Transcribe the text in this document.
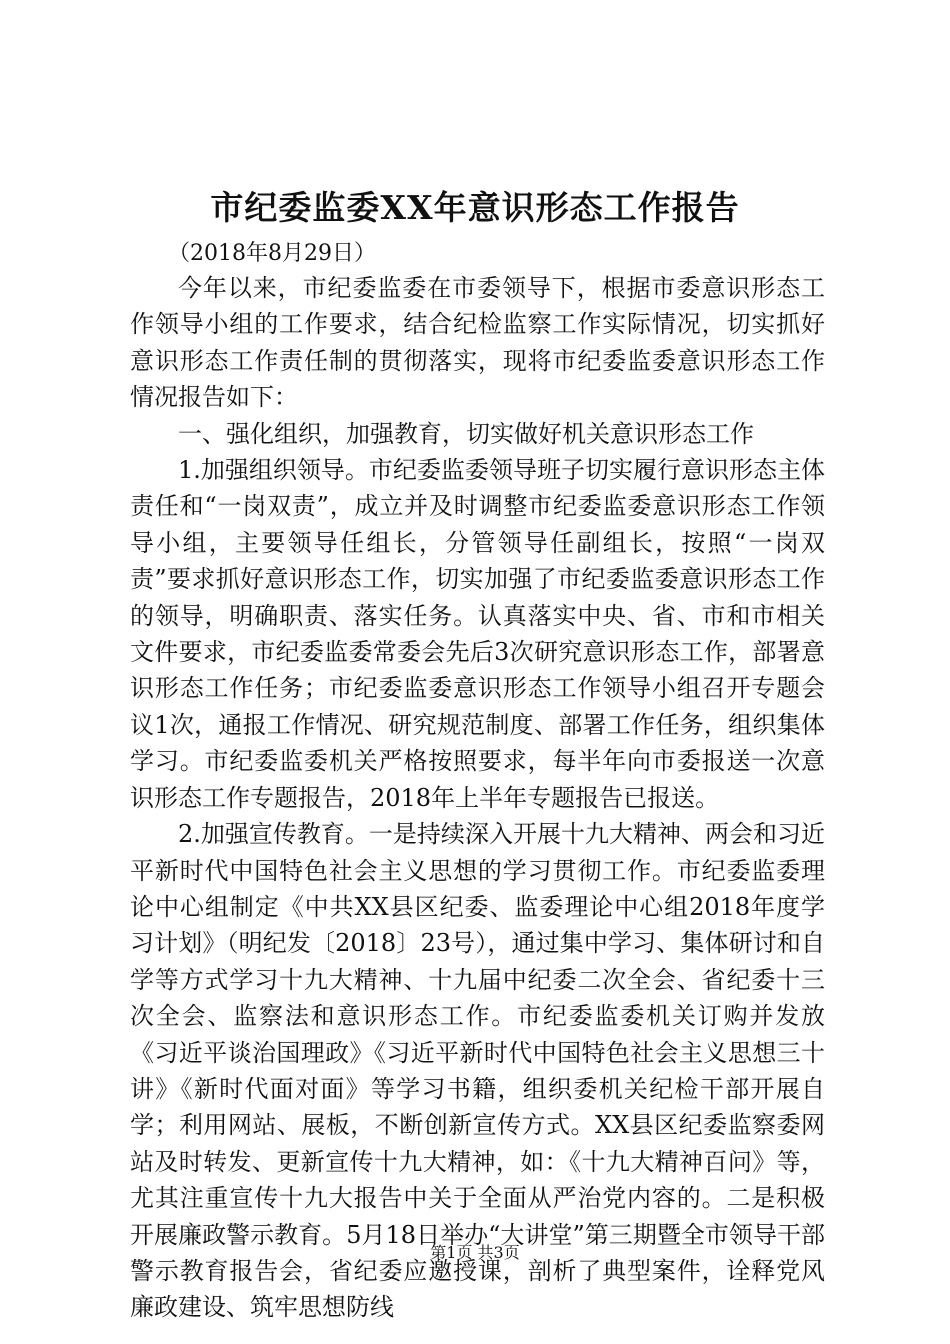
市纪委监委XX年意识形态工作报告

（2018年8月29日）

今年以来，市纪委监委在市委领导下，根据市委意识形态工作领导小组的工作要求，结合纪检监察工作实际情况，切实抓好意识形态工作责任制的贯彻落实，现将市纪委监委意识形态工作情况报告如下：

一、强化组织，加强教育，切实做好机关意识形态工作

1.加强组织领导。市纪委监委领导班子切实履行意识形态主体责任和“一岗双责”，成立并及时调整市纪委监委意识形态工作领导小组，主要领导任组长，分管领导任副组长，按照“一岗双责”要求抓好意识形态工作，切实加强了市纪委监委意识形态工作的领导，明确职责、落实任务。认真落实中央、省、市和市相关文件要求，市纪委监委常委会先后3次研究意识形态工作，部署意识形态工作任务；市纪委监委意识形态工作领导小组召开专题会议1次，通报工作情况、研究规范制度、部署工作任务，组织集体学习。市纪委监委机关严格按照要求，每半年向市委报送一次意识形态工作专题报告，2018年上半年专题报告已报送。

2.加强宣传教育。一是持续深入开展十九大精神、两会和习近平新时代中国特色社会主义思想的学习贯彻工作。市纪委监委理论中心组制定《中共XX县区纪委、监委理论中心组2018年度学习计划》（明纪发〔2018〕23号），通过集中学习、集体研讨和自学等方式学习十九大精神、十九届中纪委二次全会、省纪委十三次全会、监察法和意识形态工作。市纪委监委机关订购并发放《习近平谈治国理政》《习近平新时代中国特色社会主义思想三十讲》《新时代面对面》等学习书籍，组织委机关纪检干部开展自学；利用网站、展板，不断创新宣传方式。XX县区纪委监察委网站及时转发、更新宣传十九大精神，如：《十九大精神百问》等，尤其注重宣传十九大报告中关于全面从严治党内容的。二是积极开展廉政警示教育。5月18日举办“大讲堂”第三期暨全市领导干部警示教育报告会，省纪委应邀授课，剖析了典型案件，诠释党风廉政建设、筑牢思想防线

第1页 共3页
